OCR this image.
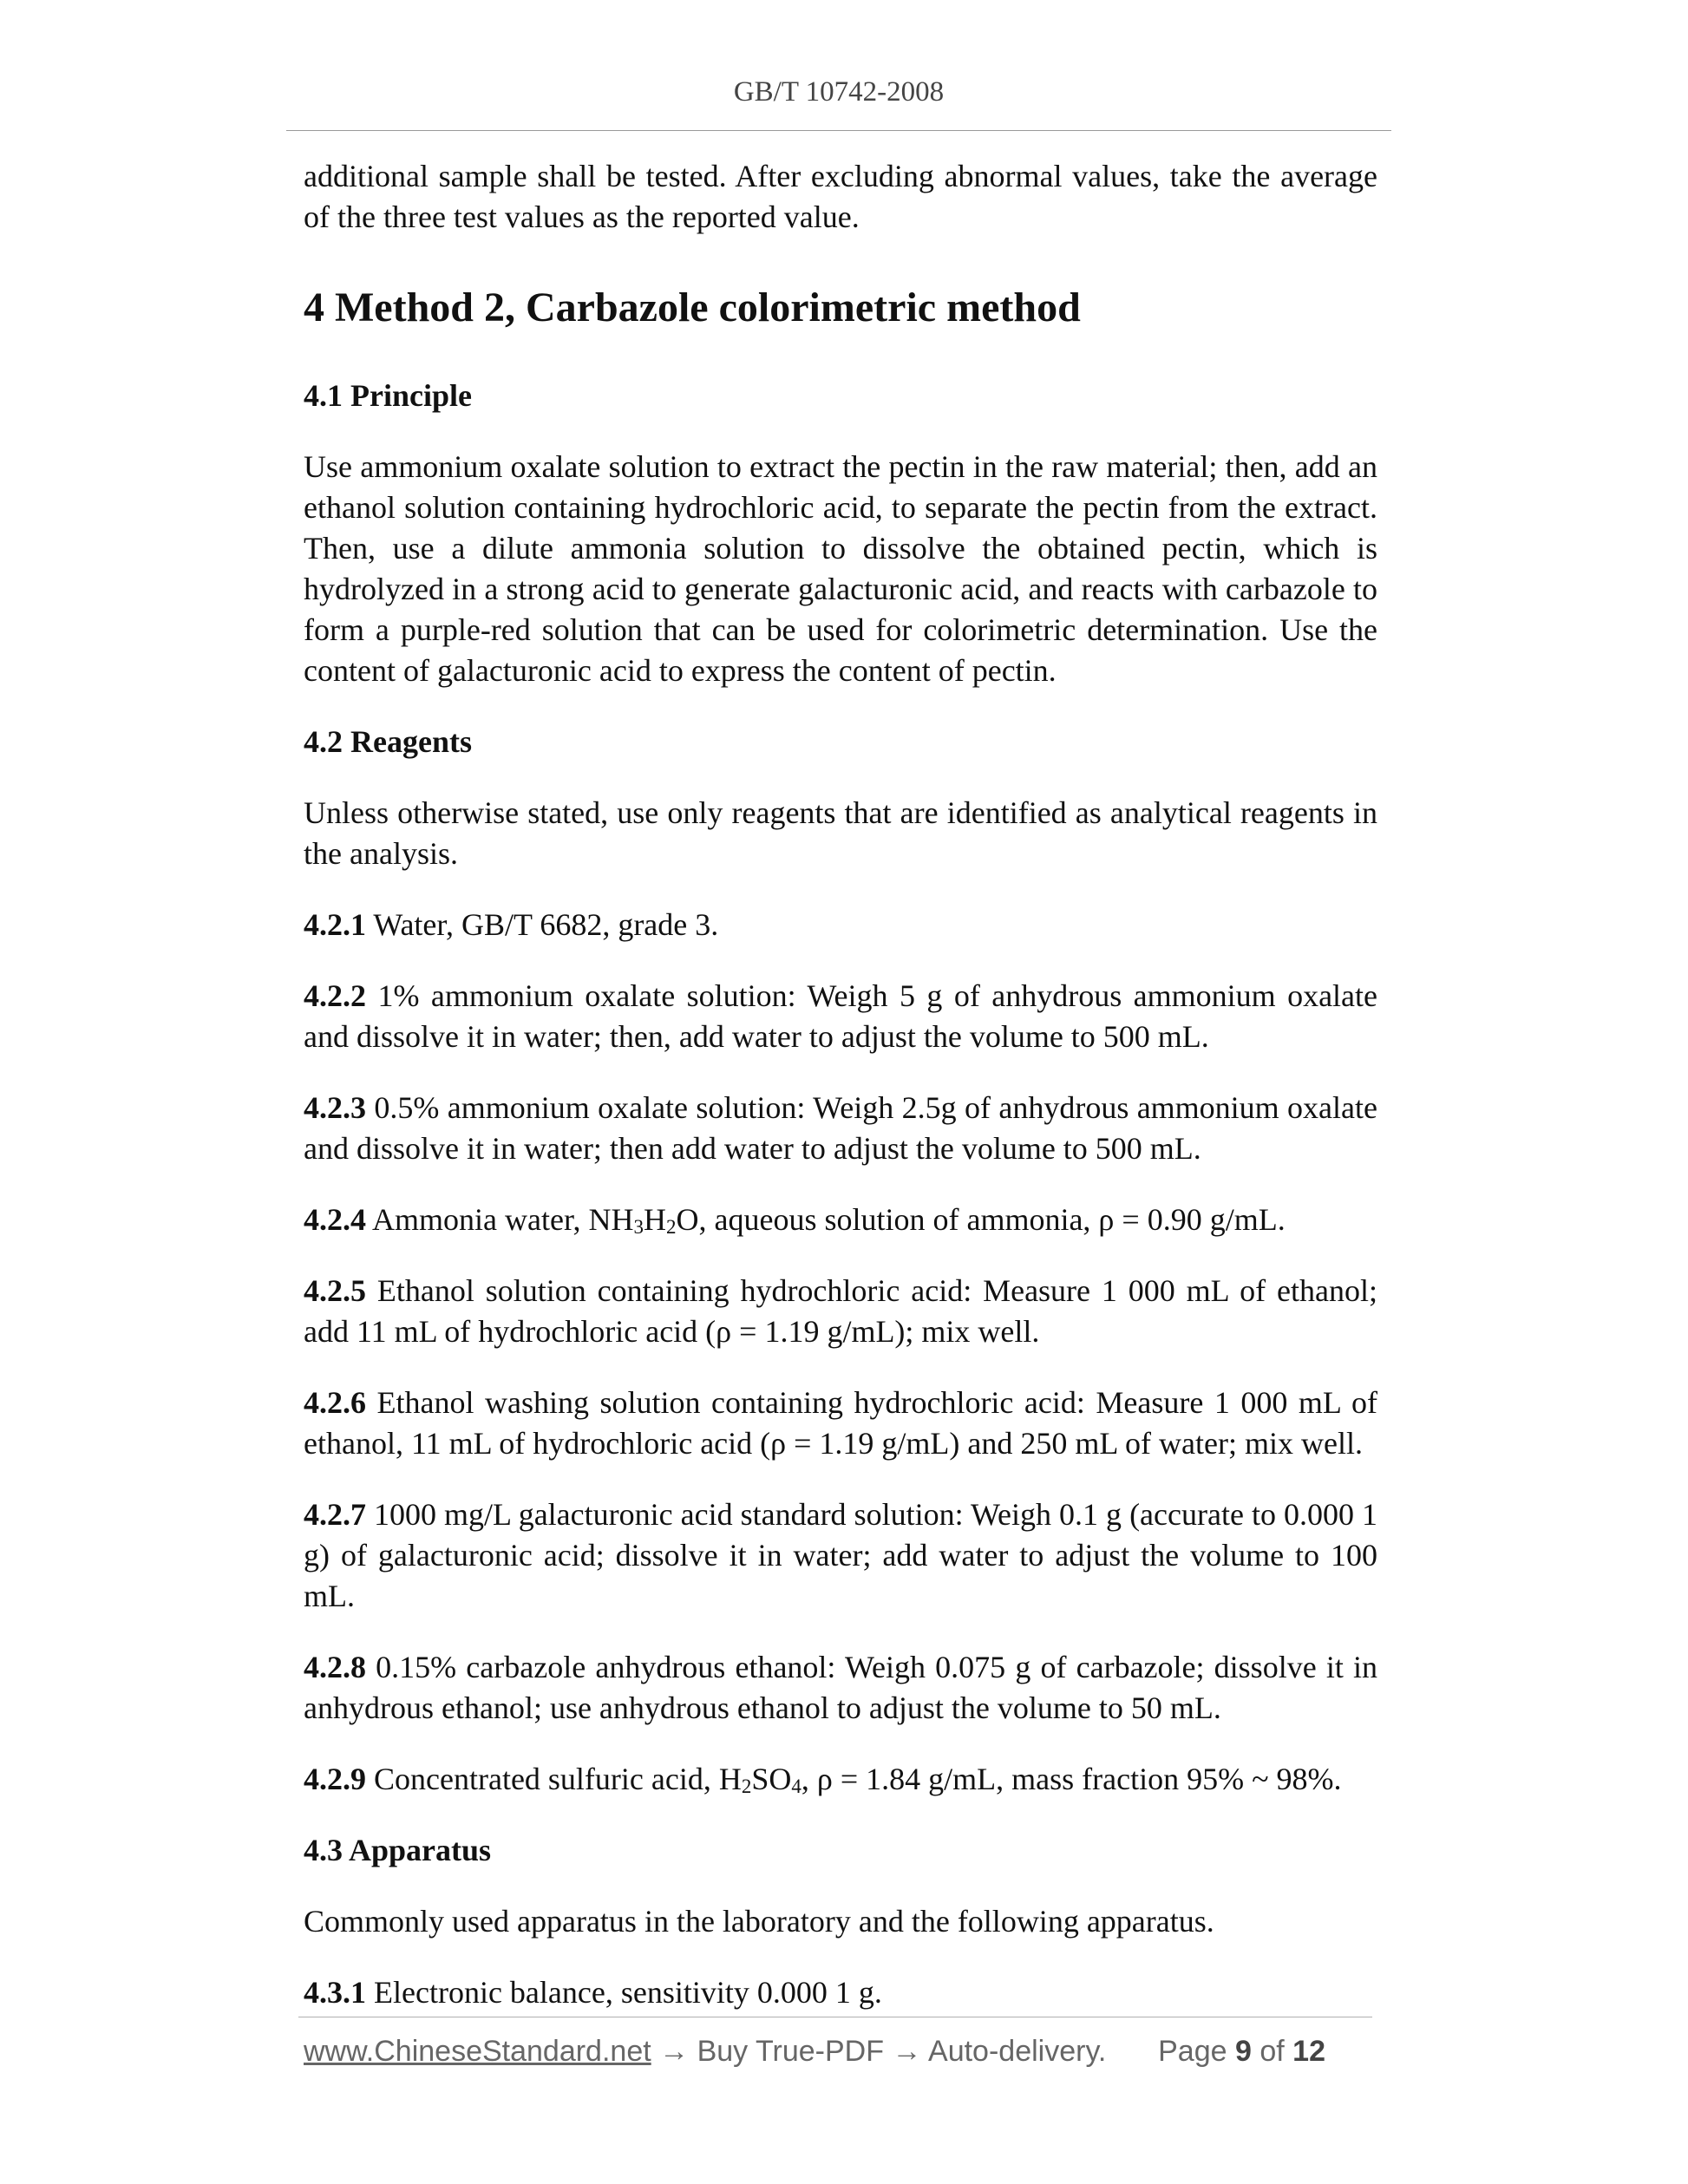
GB/T 10742-2008

additional sample shall be tested. After excluding abnormal values, take the average of the three test values as the reported value.

4 Method 2, Carbazole colorimetric method
4.1 Principle

Use ammonium oxalate solution to extract the pectin in the raw material; then, add an ethanol solution containing hydrochloric acid, to separate the pectin from the extract. Then, use a dilute ammonia solution to dissolve the obtained pectin, which is hydrolyzed in a strong acid to generate galacturonic acid, and reacts with carbazole to form a purple-red solution that can be used for colorimetric determination. Use the content of galacturonic acid to express the content of pectin.

4.2 Reagents

Unless otherwise stated, use only reagents that are identified as analytical reagents in the analysis.

4.2.1 Water, GB/T 6682, grade 3.

4.2.2 1% ammonium oxalate solution: Weigh 5 g of anhydrous ammonium oxalate and dissolve it in water; then, add water to adjust the volume to 500 mL.

4.2.3 0.5% ammonium oxalate solution: Weigh 2.5g of anhydrous ammonium oxalate and dissolve it in water; then add water to adjust the volume to 500 mL.

4.2.4 Ammonia water, $NH_3H_2O$, aqueous solution of ammonia, ρ = 0.90 g/mL.

4.2.5 Ethanol solution containing hydrochloric acid: Measure 1 000 mL of ethanol; add 11 mL of hydrochloric acid (ρ = 1.19 g/mL); mix well.

4.2.6 Ethanol washing solution containing hydrochloric acid: Measure 1 000 mL of ethanol, 11 mL of hydrochloric acid (ρ = 1.19 g/mL) and 250 mL of water; mix well.

4.2.7 1000 mg/L galacturonic acid standard solution: Weigh 0.1 g (accurate to 0.000 1 g) of galacturonic acid; dissolve it in water; add water to adjust the volume to 100 mL.

4.2.8 0.15% carbazole anhydrous ethanol: Weigh 0.075 g of carbazole; dissolve it in anhydrous ethanol; use anhydrous ethanol to adjust the volume to 50 mL.

4.2.9 Concentrated sulfuric acid, $H_2SO_4$, ρ = 1.84 g/mL, mass fraction 95% ~ 98%.

4.3 Apparatus

Commonly used apparatus in the laboratory and the following apparatus.

4.3.1 Electronic balance, sensitivity 0.000 1 g.

www.ChineseStandard.net → Buy True-PDF → Auto-delivery. Page 9 of 12
